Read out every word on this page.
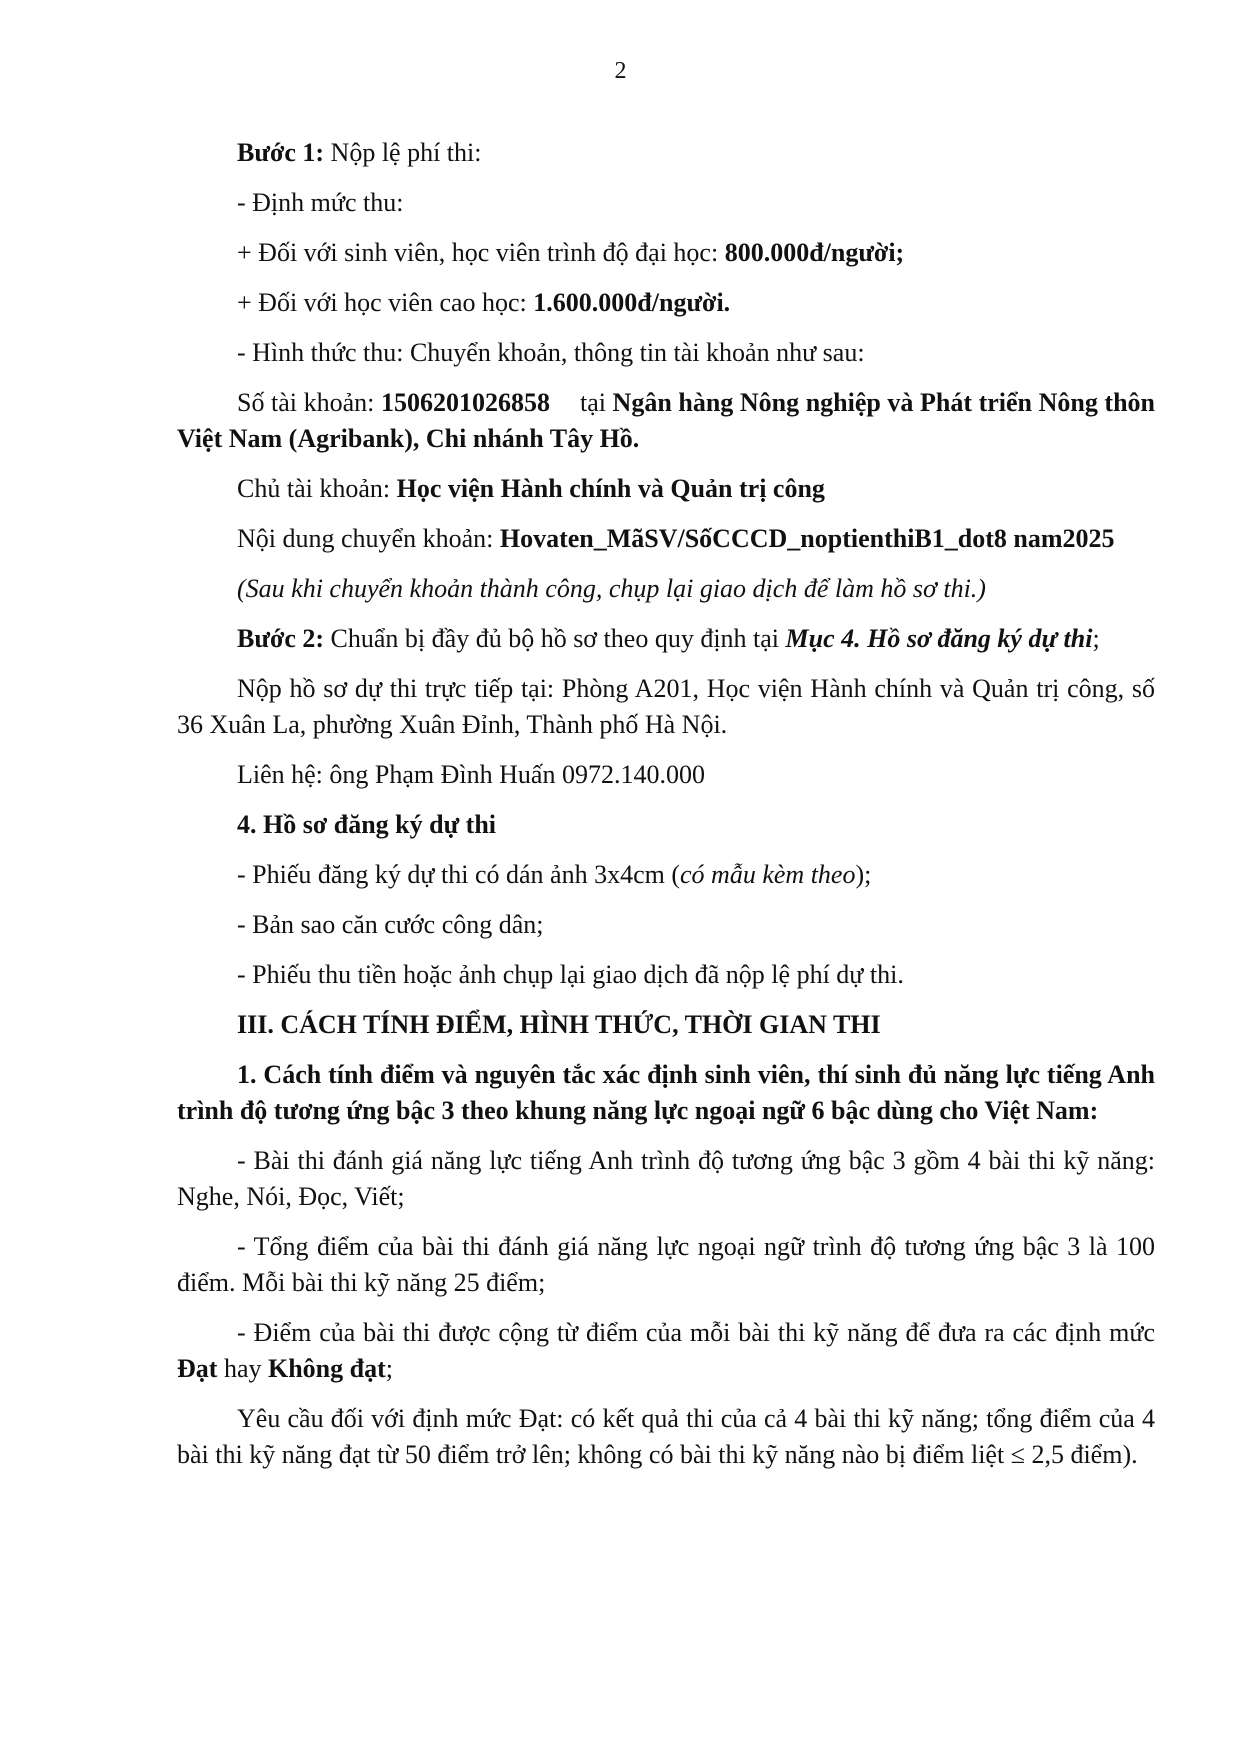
2

Bước 1: Nộp lệ phí thi:

- Định mức thu:

+ Đối với sinh viên, học viên trình độ đại học: 800.000đ/người;

+ Đối với học viên cao học: 1.600.000đ/người.

- Hình thức thu: Chuyển khoản, thông tin tài khoản như sau:

Số tài khoản: 1506201026858 tại Ngân hàng Nông nghiệp và Phát triển Nông thôn Việt Nam (Agribank), Chi nhánh Tây Hồ.

Chủ tài khoản: Học viện Hành chính và Quản trị công

Nội dung chuyển khoản: Hovaten_MãSV/SốCCCD_noptienthiB1_dot8 nam2025

(Sau khi chuyển khoản thành công, chụp lại giao dịch để làm hồ sơ thi.)

Bước 2: Chuẩn bị đầy đủ bộ hồ sơ theo quy định tại Mục 4. Hồ sơ đăng ký dự thi;

Nộp hồ sơ dự thi trực tiếp tại: Phòng A201, Học viện Hành chính và Quản trị công, số 36 Xuân La, phường Xuân Đỉnh, Thành phố Hà Nội.

Liên hệ: ông Phạm Đình Huấn 0972.140.000

4. Hồ sơ đăng ký dự thi

- Phiếu đăng ký dự thi có dán ảnh 3x4cm (có mẫu kèm theo);

- Bản sao căn cước công dân;

- Phiếu thu tiền hoặc ảnh chụp lại giao dịch đã nộp lệ phí dự thi.

III. CÁCH TÍNH ĐIỂM, HÌNH THỨC, THỜI GIAN THI

1. Cách tính điểm và nguyên tắc xác định sinh viên, thí sinh đủ năng lực tiếng Anh trình độ tương ứng bậc 3 theo khung năng lực ngoại ngữ 6 bậc dùng cho Việt Nam:

- Bài thi đánh giá năng lực tiếng Anh trình độ tương ứng bậc 3 gồm 4 bài thi kỹ năng: Nghe, Nói, Đọc, Viết;

- Tổng điểm của bài thi đánh giá năng lực ngoại ngữ trình độ tương ứng bậc 3 là 100 điểm. Mỗi bài thi kỹ năng 25 điểm;

- Điểm của bài thi được cộng từ điểm của mỗi bài thi kỹ năng để đưa ra các định mức Đạt hay Không đạt;

Yêu cầu đối với định mức Đạt: có kết quả thi của cả 4 bài thi kỹ năng; tổng điểm của 4 bài thi kỹ năng đạt từ 50 điểm trở lên; không có bài thi kỹ năng nào bị điểm liệt ≤ 2,5 điểm).
